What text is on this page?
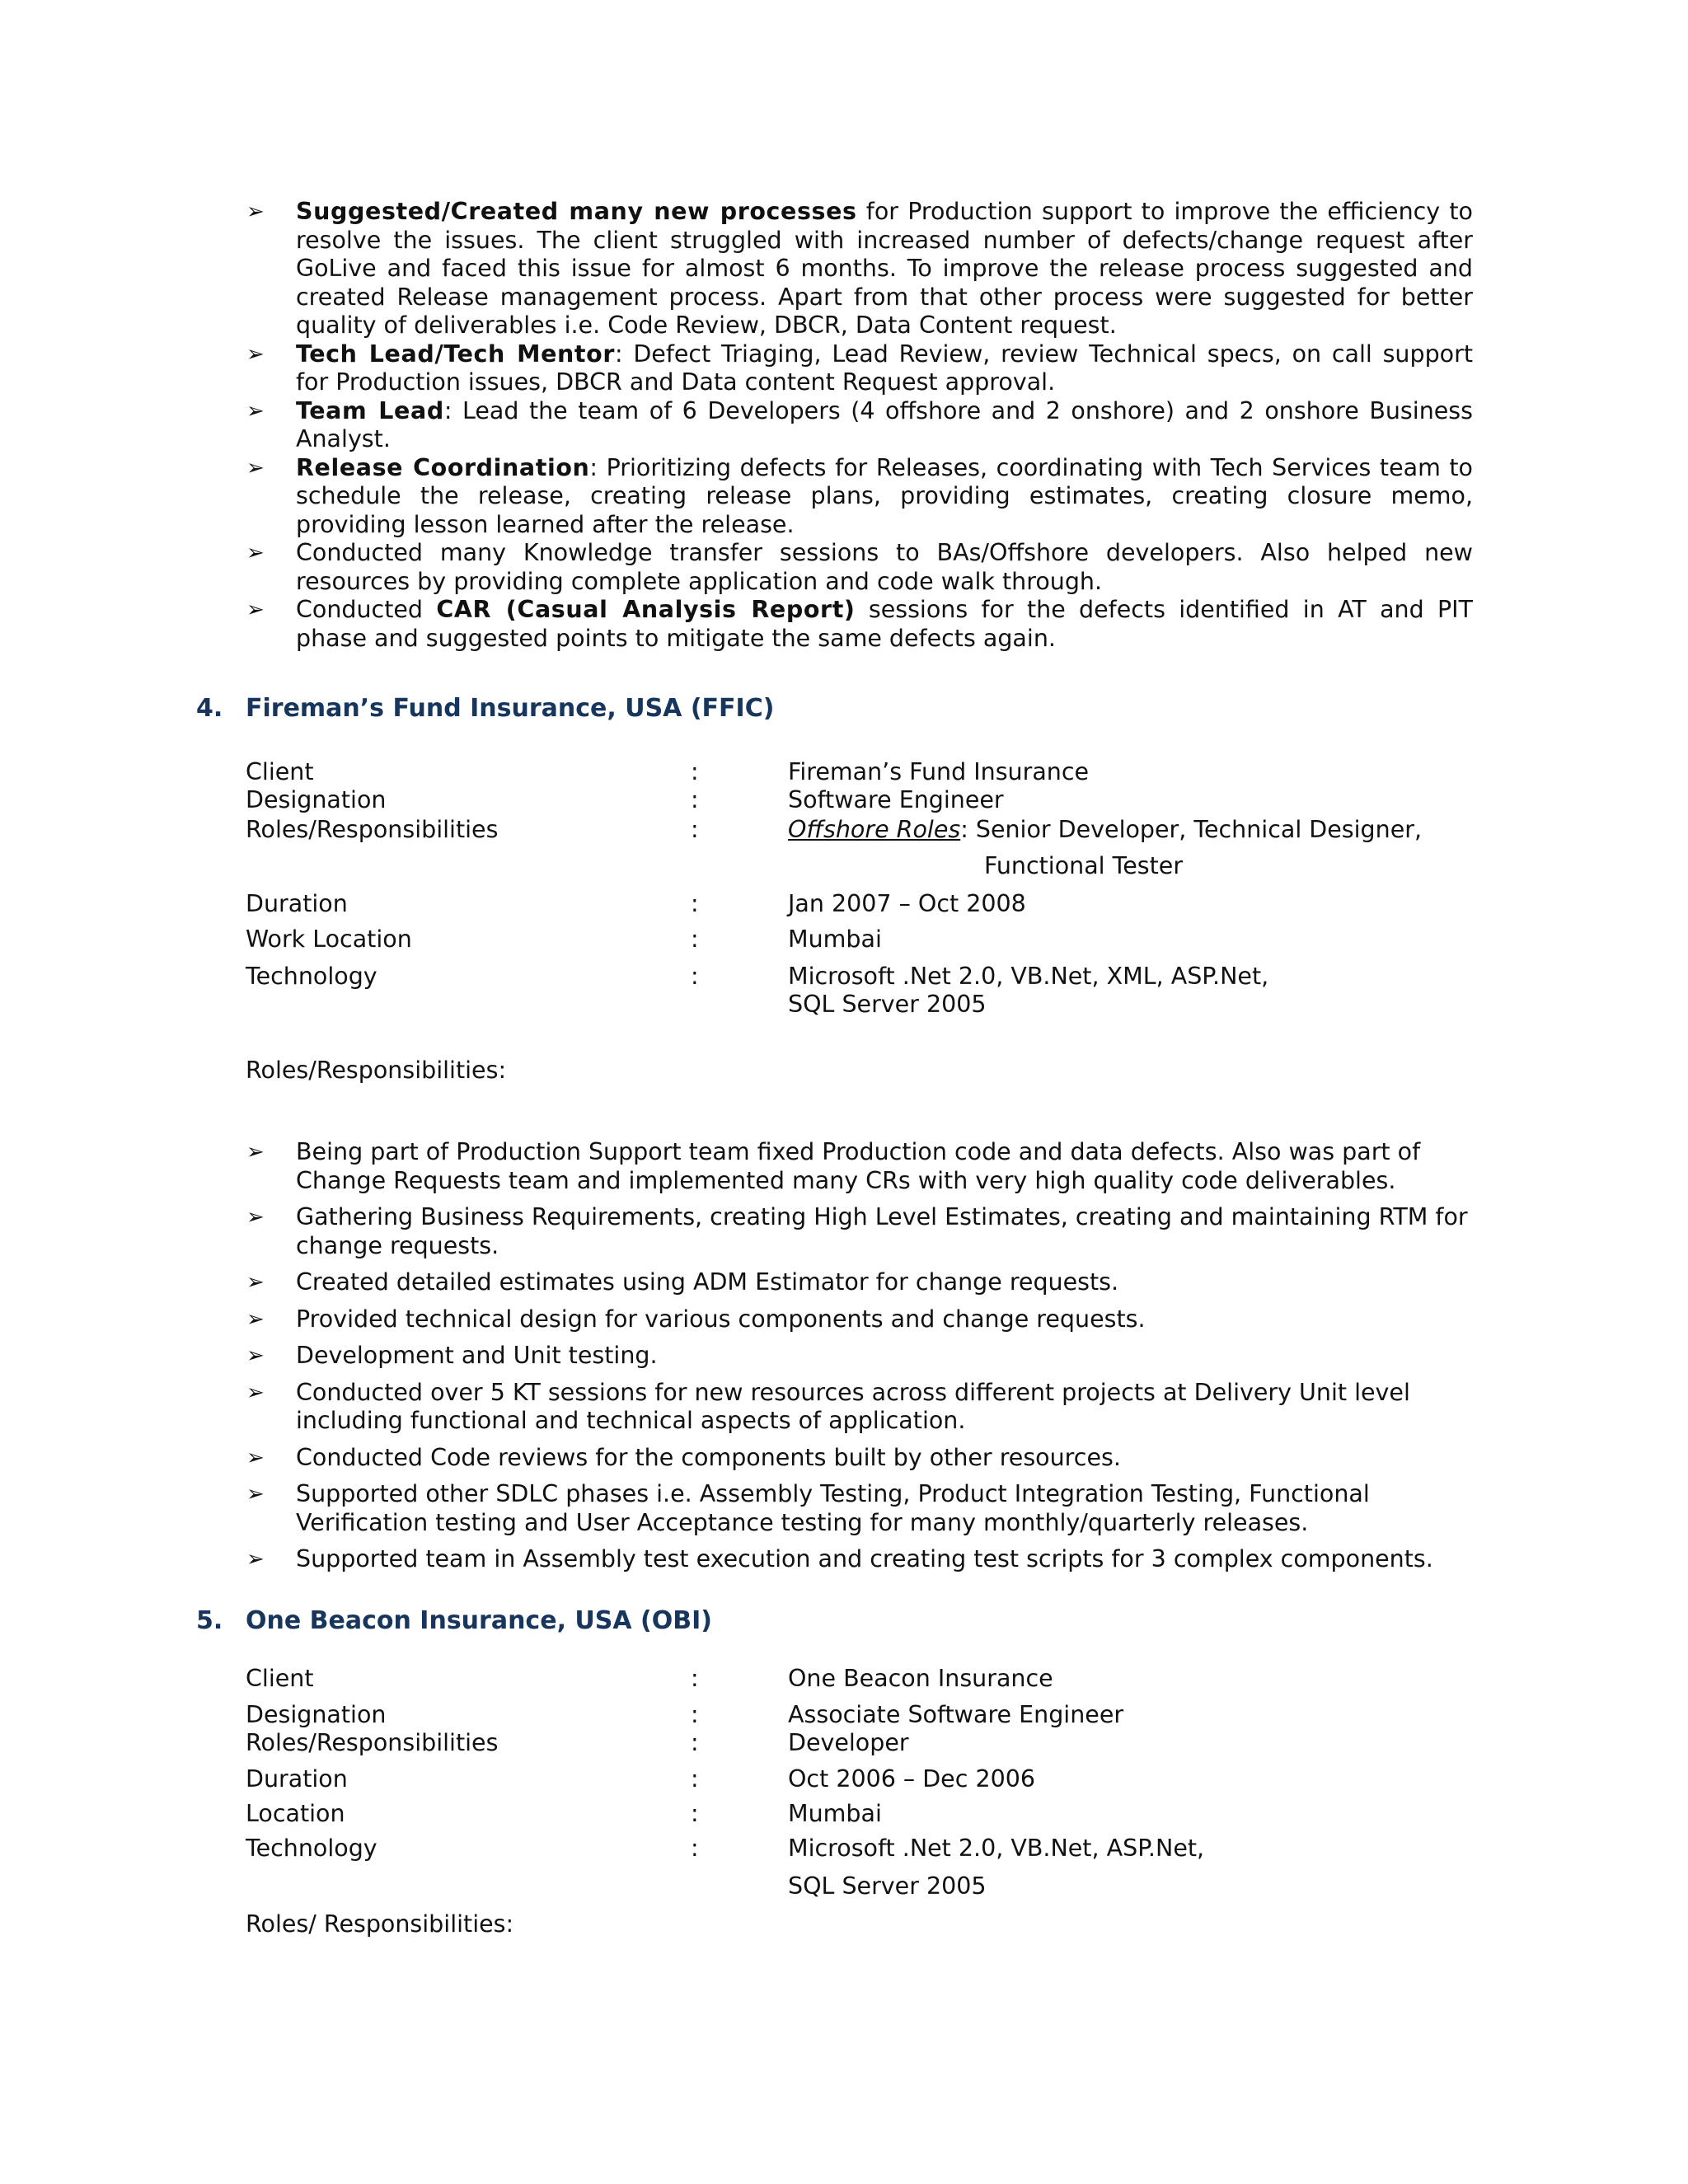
➢ Suggested/Created many new processes for Production support to improve the efficiency to resolve the issues. The client struggled with increased number of defects/change request after GoLive and faced this issue for almost 6 months. To improve the release process suggested and created Release management process. Apart from that other process were suggested for better quality of deliverables i.e. Code Review, DBCR, Data Content request.
➢ Tech Lead/Tech Mentor: Defect Triaging, Lead Review, review Technical specs, on call support for Production issues, DBCR and Data content Request approval.
➢ Team Lead: Lead the team of 6 Developers (4 offshore and 2 onshore) and 2 onshore Business Analyst.
➢ Release Coordination: Prioritizing defects for Releases, coordinating with Tech Services team to schedule the release, creating release plans, providing estimates, creating closure memo, providing lesson learned after the release.
➢ Conducted many Knowledge transfer sessions to BAs/Offshore developers. Also helped new resources by providing complete application and code walk through.
➢ Conducted CAR (Casual Analysis Report) sessions for the defects identified in AT and PIT phase and suggested points to mitigate the same defects again.
4. Fireman’s Fund Insurance, USA (FFIC)
Client	:	Fireman’s Fund Insurance
Designation	:	Software Engineer
Roles/Responsibilities	:	Offshore Roles: Senior Developer, Technical Designer,
Functional Tester
Duration	:	Jan 2007 – Oct 2008
Work Location	:	Mumbai
Technology	:	Microsoft .Net 2.0, VB.Net, XML, ASP.Net,
SQL Server 2005
Roles/Responsibilities:
➢ Being part of Production Support team fixed Production code and data defects. Also was part of Change Requests team and implemented many CRs with very high quality code deliverables.
➢ Gathering Business Requirements, creating High Level Estimates, creating and maintaining RTM for change requests.
➢ Created detailed estimates using ADM Estimator for change requests.
➢ Provided technical design for various components and change requests.
➢ Development and Unit testing.
➢ Conducted over 5 KT sessions for new resources across different projects at Delivery Unit level including functional and technical aspects of application.
➢ Conducted Code reviews for the components built by other resources.
➢ Supported other SDLC phases i.e. Assembly Testing, Product Integration Testing, Functional Verification testing and User Acceptance testing for many monthly/quarterly releases.
➢ Supported team in Assembly test execution and creating test scripts for 3 complex components.
5. One Beacon Insurance, USA (OBI)
Client	:	One Beacon Insurance
Designation	:	Associate Software Engineer
Roles/Responsibilities	:	Developer
Duration	:	Oct 2006 – Dec 2006
Location	:	Mumbai
Technology	:	Microsoft .Net 2.0, VB.Net, ASP.Net,
SQL Server 2005
Roles/ Responsibilities:
